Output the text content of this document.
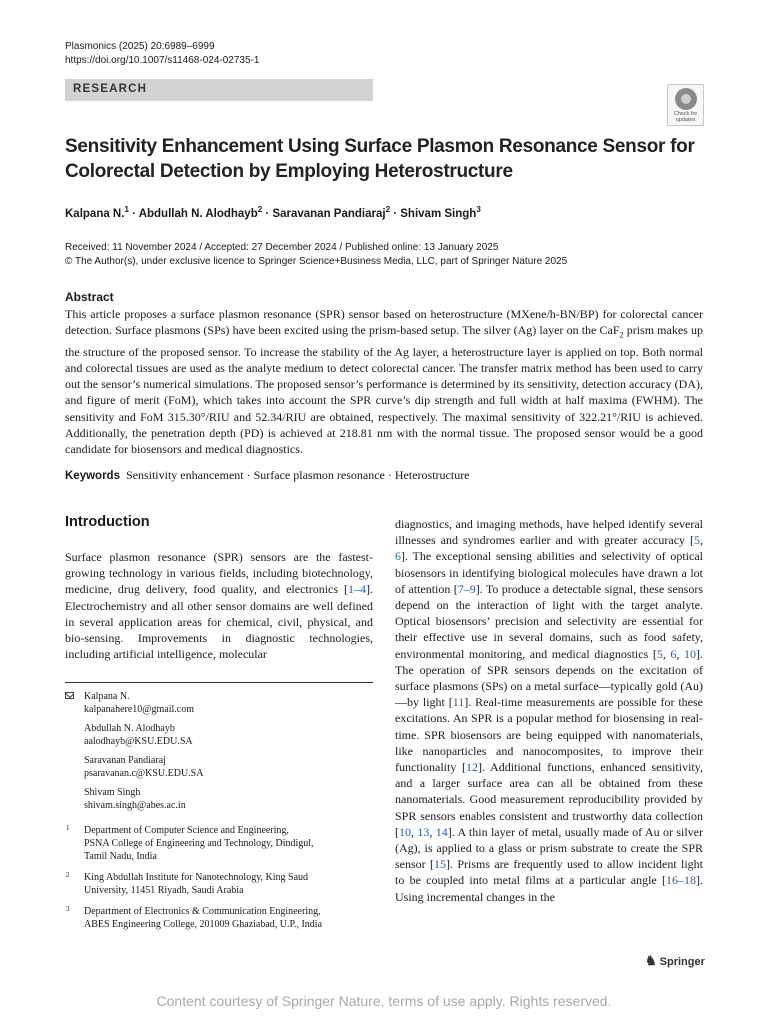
Plasmonics (2025) 20:6989–6999
https://doi.org/10.1007/s11468-024-02735-1
RESEARCH
Check for
updates
Sensitivity Enhancement Using Surface Plasmon Resonance Sensor for Colorectal Detection by Employing Heterostructure
Kalpana N.$^1$ · Abdullah N. Alodhayb$^2$ · Saravanan Pandiaraj$^2$ · Shivam Singh$^3$
Received: 11 November 2024 / Accepted: 27 December 2024 / Published online: 13 January 2025
© The Author(s), under exclusive licence to Springer Science+Business Media, LLC, part of Springer Nature 2025
Abstract

This article proposes a surface plasmon resonance (SPR) sensor based on heterostructure (MXene/h-BN/BP) for colorectal cancer detection. Surface plasmons (SPs) have been excited using the prism-based setup. The silver (Ag) layer on the CaF$_2$ prism makes up the structure of the proposed sensor. To increase the stability of the Ag layer, a heterostructure layer is applied on top. Both normal and colorectal tissues are used as the analyte medium to detect colorectal cancer. The transfer matrix method has been used to carry out the sensor’s numerical simulations. The proposed sensor’s performance is determined by its sensitivity, detection accuracy (DA), and figure of merit (FoM), which takes into account the SPR curve’s dip strength and full width at half maxima (FWHM). The sensitivity and FoM 315.30°/RIU and 52.34/RIU are obtained, respectively. The maximal sensitivity of 322.21°/RIU is achieved. Additionally, the penetration depth (PD) is achieved at 218.81 nm with the normal tissue. The proposed sensor would be a good candidate for biosensors and medical diagnostics.

Keywords Sensitivity enhancement · Surface plasmon resonance · Heterostructure
Introduction

Surface plasmon resonance (SPR) sensors are the fastest-growing technology in various fields, including biotechnology, medicine, drug delivery, food quality, and electronics [1–4]. Electrochemistry and all other sensor domains are well defined in several application areas for chemical, civil, physical, and bio-sensing. Improvements in diagnostic technologies, including artificial intelligence, molecular

diagnostics, and imaging methods, have helped identify several illnesses and syndromes earlier and with greater accuracy [5, 6]. The exceptional sensing abilities and selectivity of optical biosensors in identifying biological molecules have drawn a lot of attention [7–9]. To produce a detectable signal, these sensors depend on the interaction of light with the target analyte. Optical biosensors’ precision and selectivity are essential for their effective use in several domains, such as food safety, environmental monitoring, and medical diagnostics [5, 6, 10]. The operation of SPR sensors depends on the excitation of surface plasmons (SPs) on a metal surface—typically gold (Au)—by light [11]. Real-time measurements are possible for these excitations. An SPR is a popular method for biosensing in real-time. SPR biosensors are being equipped with nanomaterials, like nanoparticles and nanocomposites, to improve their functionality [12]. Additional functions, enhanced sensitivity, and a larger surface area can all be obtained from these nanomaterials. Good measurement reproducibility provided by SPR sensors enables consistent and trustworthy data collection [10, 13, 14]. A thin layer of metal, usually made of Au or silver (Ag), is applied to a glass or prism substrate to create the SPR sensor [15]. Prisms are frequently used to allow incident light to be coupled into metal films at a particular angle [16–18]. Using incremental changes in the

Kalpana N.
kalpanahere10@gmail.com
Abdullah N. Alodhayb
aalodhayb@KSU.EDU.SA
Saravanan Pandiaraj
psaravanan.c@KSU.EDU.SA
Shivam Singh
shivam.singh@abes.ac.in
1 Department of Computer Science and Engineering,
PSNA College of Engineering and Technology, Dindigul,
Tamil Nadu, India
2 King Abdullah Institute for Nanotechnology, King Saud
University, 11451 Riyadh, Saudi Arabia
3 Department of Electronics & Communication Engineering,
ABES Engineering College, 201009 Ghaziabad, U.P., India
♞ Springer
Content courtesy of Springer Nature, terms of use apply. Rights reserved.
